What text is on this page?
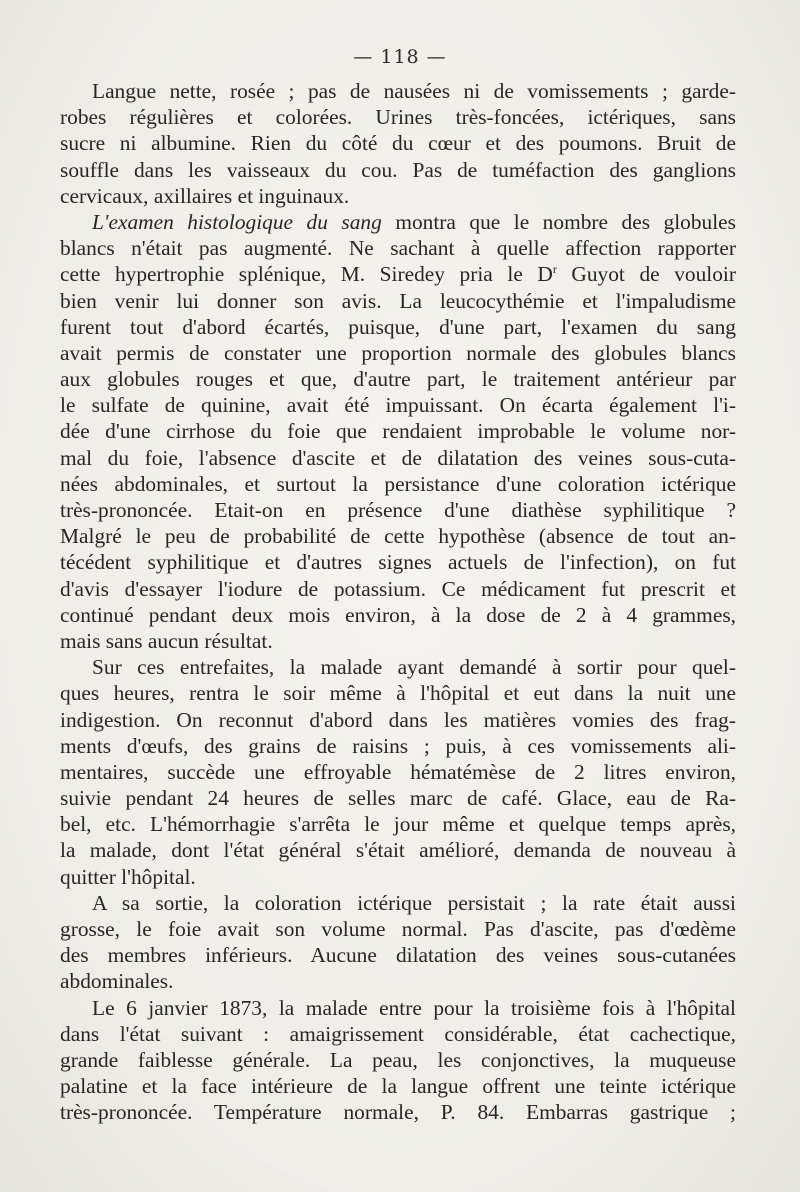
— 118 —
Langue nette, rosée ; pas de nausées ni de vomissements ; garde-
robes régulières et colorées. Urines très-foncées, ictériques, sans
sucre ni albumine. Rien du côté du cœur et des poumons. Bruit de
souffle dans les vaisseaux du cou. Pas de tuméfaction des ganglions
cervicaux, axillaires et inguinaux.
L'examen histologique du sang montra que le nombre des globules
blancs n'était pas augmenté. Ne sachant à quelle affection rapporter
cette hypertrophie splénique, M. Siredey pria le $D^r$ Guyot de vouloir
bien venir lui donner son avis. La leucocythémie et l'impaludisme
furent tout d'abord écartés, puisque, d'une part, l'examen du sang
avait permis de constater une proportion normale des globules blancs
aux globules rouges et que, d'autre part, le traitement antérieur par
le sulfate de quinine, avait été impuissant. On écarta également l'i-
dée d'une cirrhose du foie que rendaient improbable le volume nor-
mal du foie, l'absence d'ascite et de dilatation des veines sous-cuta-
nées abdominales, et surtout la persistance d'une coloration ictérique
très-prononcée. Etait-on en présence d'une diathèse syphilitique ?
Malgré le peu de probabilité de cette hypothèse (absence de tout an-
técédent syphilitique et d'autres signes actuels de l'infection), on fut
d'avis d'essayer l'iodure de potassium. Ce médicament fut prescrit et
continué pendant deux mois environ, à la dose de 2 à 4 grammes,
mais sans aucun résultat.
Sur ces entrefaites, la malade ayant demandé à sortir pour quel-
ques heures, rentra le soir même à l'hôpital et eut dans la nuit une
indigestion. On reconnut d'abord dans les matières vomies des frag-
ments d'œufs, des grains de raisins ; puis, à ces vomissements ali-
mentaires, succède une effroyable hématémèse de 2 litres environ,
suivie pendant 24 heures de selles marc de café. Glace, eau de Ra-
bel, etc. L'hémorrhagie s'arrêta le jour même et quelque temps après,
la malade, dont l'état général s'était amélioré, demanda de nouveau à
quitter l'hôpital.
A sa sortie, la coloration ictérique persistait ; la rate était aussi
grosse, le foie avait son volume normal. Pas d'ascite, pas d'œdème
des membres inférieurs. Aucune dilatation des veines sous-cutanées
abdominales.
Le 6 janvier 1873, la malade entre pour la troisième fois à l'hôpital
dans l'état suivant : amaigrissement considérable, état cachectique,
grande faiblesse générale. La peau, les conjonctives, la muqueuse
palatine et la face intérieure de la langue offrent une teinte ictérique
très-prononcée. Température normale, P. 84. Embarras gastrique ;
